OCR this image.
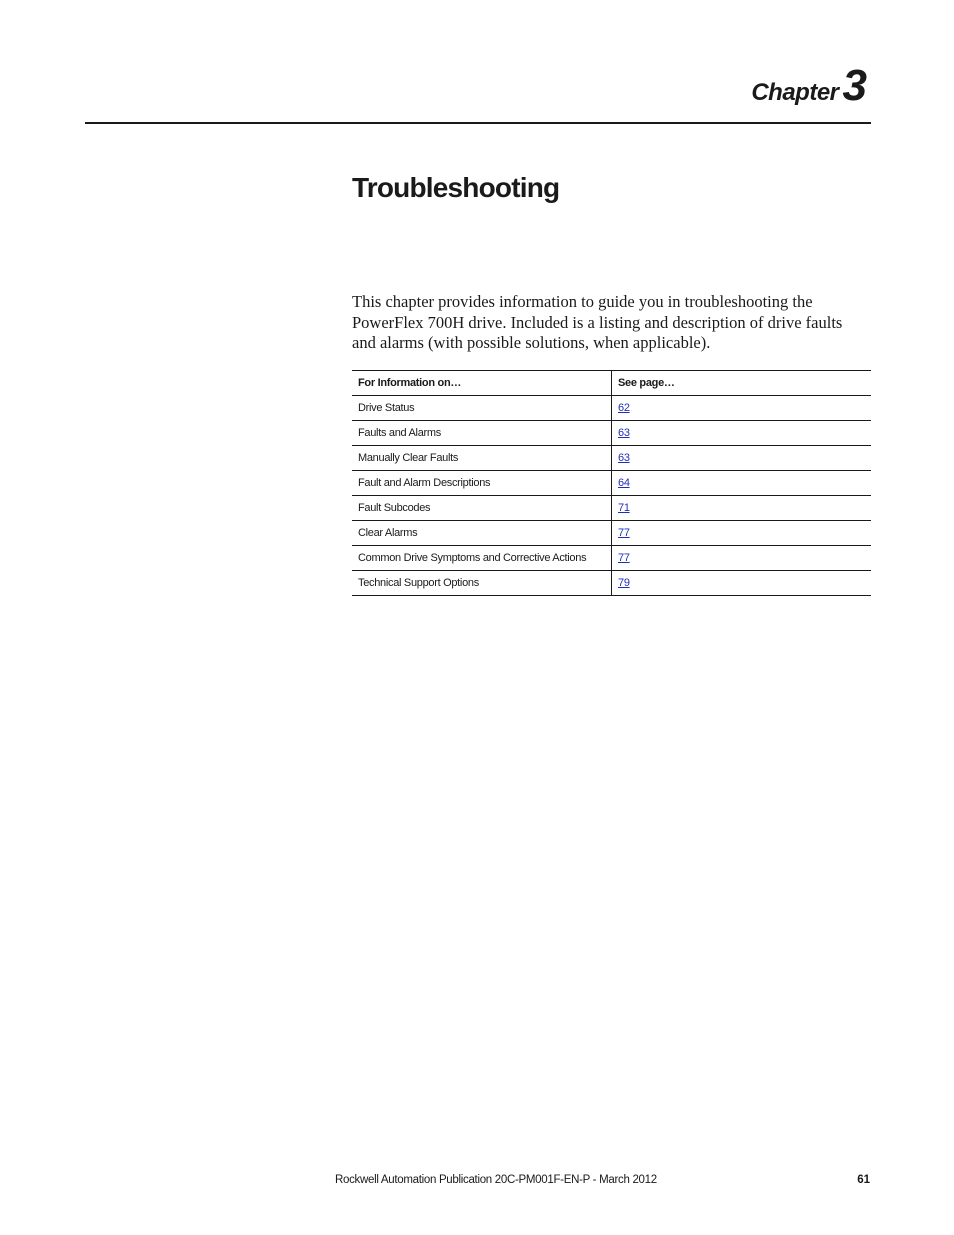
Chapter3
Troubleshooting

This chapter provides information to guide you in troubleshooting the PowerFlex 700H drive. Included is a listing and description of drive faults and alarms (with possible solutions, when applicable).

For Information on…	See page…
Drive Status	62
Faults and Alarms	63
Manually Clear Faults	63
Fault and Alarm Descriptions	64
Fault Subcodes	71
Clear Alarms	77
Common Drive Symptoms and Corrective Actions	77
Technical Support Options	79
Rockwell Automation Publication 20C-PM001F-EN-P - March 2012	61
